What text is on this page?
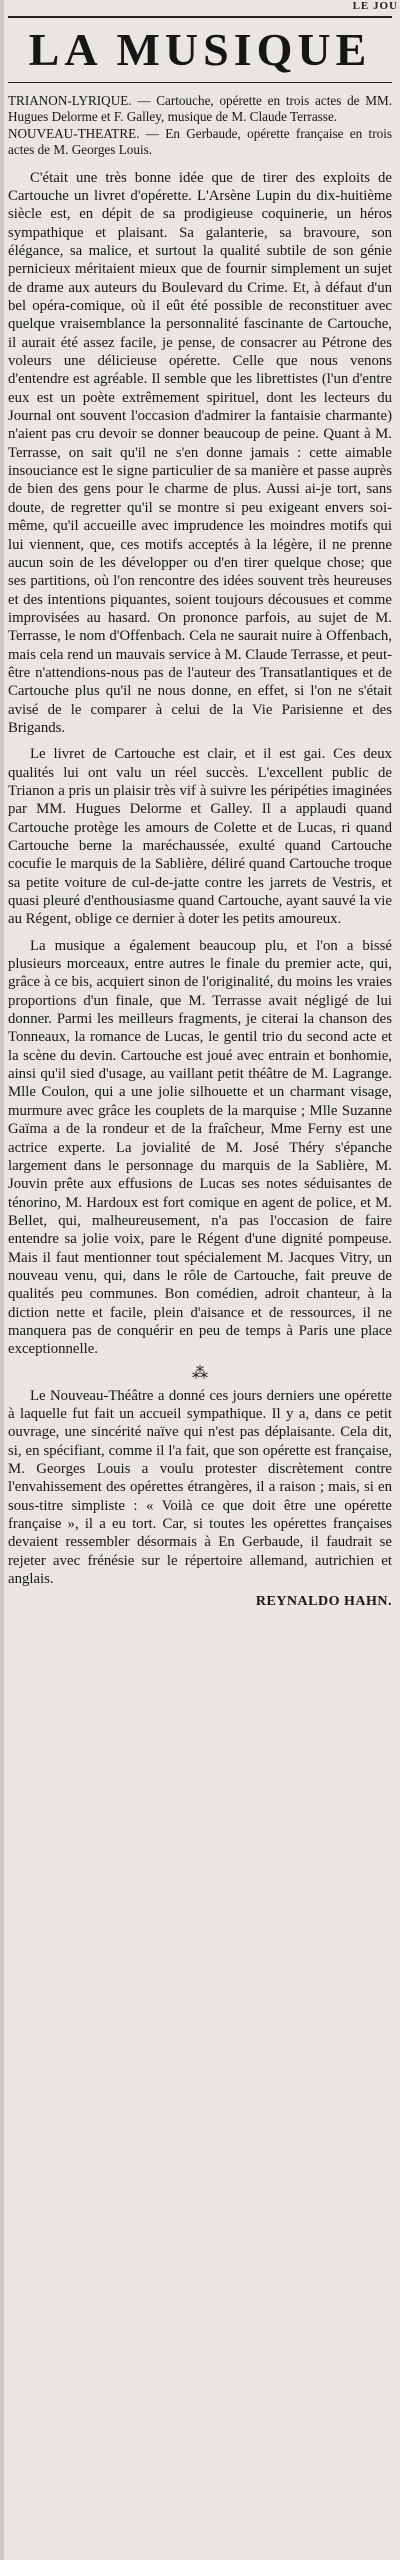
LE JOU
LA MUSIQUE
TRIANON-LYRIQUE. — Cartouche, opérette en trois actes de MM. Hugues Delorme et F. Galley, musique de M. Claude Terrasse.
NOUVEAU-THEATRE. — En Gerbaude, opérette française en trois actes de M. Georges Louis.

C'était une très bonne idée que de tirer des exploits de Cartouche un livret d'opérette. L'Arsène Lupin du dix-huitième siècle est, en dépit de sa prodigieuse coquinerie, un héros sympathique et plaisant. Sa galanterie, sa bravoure, son élégance, sa malice, et surtout la qualité subtile de son génie pernicieux méritaient mieux que de fournir simplement un sujet de drame aux auteurs du Boulevard du Crime. Et, à défaut d'un bel opéra-comique, où il eût été possible de reconstituer avec quelque vraisemblance la personnalité fascinante de Cartouche, il aurait été assez facile, je pense, de consacrer au Pétrone des voleurs une délicieuse opérette. Celle que nous venons d'entendre est agréable. Il semble que les librettistes (l'un d'entre eux est un poète extrêmement spirituel, dont les lecteurs du Journal ont souvent l'occasion d'admirer la fantaisie charmante) n'aient pas cru devoir se donner beaucoup de peine. Quant à M. Terrasse, on sait qu'il ne s'en donne jamais : cette aimable insouciance est le signe particulier de sa manière et passe auprès de bien des gens pour le charme de plus. Aussi ai-je tort, sans doute, de regretter qu'il se montre si peu exigeant envers soi-même, qu'il accueille avec imprudence les moindres motifs qui lui viennent, que, ces motifs acceptés à la légère, il ne prenne aucun soin de les développer ou d'en tirer quelque chose; que ses partitions, où l'on rencontre des idées souvent très heureuses et des intentions piquantes, soient toujours décousues et comme improvisées au hasard. On prononce parfois, au sujet de M. Terrasse, le nom d'Offenbach. Cela ne saurait nuire à Offenbach, mais cela rend un mauvais service à M. Claude Terrasse, et peut-être n'attendions-nous pas de l'auteur des Transatlantiques et de Cartouche plus qu'il ne nous donne, en effet, si l'on ne s'était avisé de le comparer à celui de la Vie Parisienne et des Brigands.

Le livret de Cartouche est clair, et il est gai. Ces deux qualités lui ont valu un réel succès. L'excellent public de Trianon a pris un plaisir très vif à suivre les péripéties imaginées par MM. Hugues Delorme et Galley. Il a applaudi quand Cartouche protège les amours de Colette et de Lucas, ri quand Cartouche berne la maréchaussée, exulté quand Cartouche cocufie le marquis de la Sablière, déliré quand Cartouche troque sa petite voiture de cul-de-jatte contre les jarrets de Vestris, et quasi pleuré d'enthousiasme quand Cartouche, ayant sauvé la vie au Régent, oblige ce dernier à doter les petits amoureux.

La musique a également beaucoup plu, et l'on a bissé plusieurs morceaux, entre autres le finale du premier acte, qui, grâce à ce bis, acquiert sinon de l'originalité, du moins les vraies proportions d'un finale, que M. Terrasse avait négligé de lui donner. Parmi les meilleurs fragments, je citerai la chanson des Tonneaux, la romance de Lucas, le gentil trio du second acte et la scène du devin. Cartouche est joué avec entrain et bonhomie, ainsi qu'il sied d'usage, au vaillant petit théâtre de M. Lagrange. Mlle Coulon, qui a une jolie silhouette et un charmant visage, murmure avec grâce les couplets de la marquise ; Mlle Suzanne Gaïma a de la rondeur et de la fraîcheur, Mme Ferny est une actrice experte. La jovialité de M. José Théry s'épanche largement dans le personnage du marquis de la Sablière, M. Jouvin prête aux effusions de Lucas ses notes séduisantes de ténorino, M. Hardoux est fort comique en agent de police, et M. Bellet, qui, malheureusement, n'a pas l'occasion de faire entendre sa jolie voix, pare le Régent d'une dignité pompeuse. Mais il faut mentionner tout spécialement M. Jacques Vitry, un nouveau venu, qui, dans le rôle de Cartouche, fait preuve de qualités peu communes. Bon comédien, adroit chanteur, à la diction nette et facile, plein d'aisance et de ressources, il ne manquera pas de conquérir en peu de temps à Paris une place exceptionnelle.

⁂

Le Nouveau-Théâtre a donné ces jours derniers une opérette à laquelle fut fait un accueil sympathique. Il y a, dans ce petit ouvrage, une sincérité naïve qui n'est pas déplaisante. Cela dit, si, en spécifiant, comme il l'a fait, que son opérette est française, M. Georges Louis a voulu protester discrètement contre l'envahissement des opérettes étrangères, il a raison ; mais, si en sous-titre simpliste : « Voilà ce que doit être une opérette française », il a eu tort. Car, si toutes les opérettes françaises devaient ressembler désormais à En Gerbaude, il faudrait se rejeter avec frénésie sur le répertoire allemand, autrichien et anglais.

REYNALDO HAHN.
